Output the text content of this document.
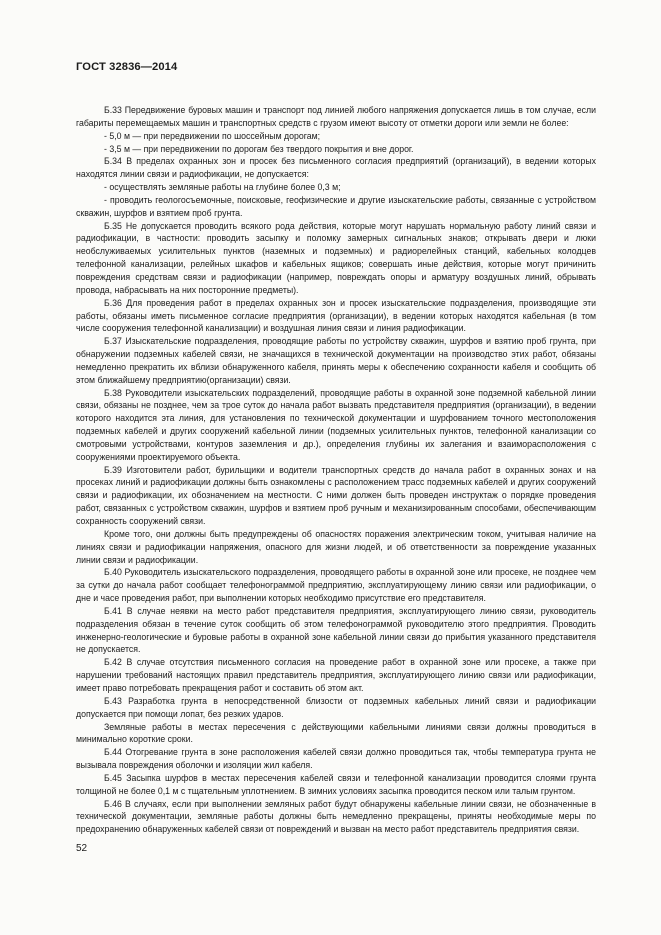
ГОСТ 32836—2014

Б.33 Передвижение буровых машин и транспорт под линией любого напряжения допускается лишь в том случае, если габариты перемещаемых машин и транспортных средств с грузом имеют высоту от отметки дороги или земли не более:

- 5,0 м — при передвижении по шоссейным дорогам;

- 3,5 м — при передвижении по дорогам без твердого покрытия и вне дорог.

Б.34 В пределах охранных зон и просек без письменного согласия предприятий (организаций), в ведении которых находятся линии связи и радиофикации, не допускается:

- осуществлять земляные работы на глубине более 0,3 м;

- проводить геологосъемочные, поисковые, геофизические и другие изыскательские работы, связанные с устройством скважин, шурфов и взятием проб грунта.

Б.35 Не допускается проводить всякого рода действия, которые могут нарушать нормальную работу линий связи и радиофикации, в частности: проводить засыпку и поломку замерных сигнальных знаков; открывать двери и люки необслуживаемых усилительных пунктов (наземных и подземных) и радиорелейных станций, кабельных колодцев телефонной канализации, релейных шкафов и кабельных ящиков; совершать иные действия, которые могут причинить повреждения средствам связи и радиофикации (например, повреждать опоры и арматуру воздушных линий, обрывать провода, набрасывать на них посторонние предметы).

Б.36 Для проведения работ в пределах охранных зон и просек изыскательские подразделения, производящие эти работы, обязаны иметь письменное согласие предприятия (организации), в ведении которых находятся кабельная (в том числе сооружения телефонной канализации) и воздушная линия связи и линия радиофикации.

Б.37 Изыскательские подразделения, проводящие работы по устройству скважин, шурфов и взятию проб грунта, при обнаружении подземных кабелей связи, не значащихся в технической документации на производство этих работ, обязаны немедленно прекратить их вблизи обнаруженного кабеля, принять меры к обеспечению сохранности кабеля и сообщить об этом ближайшему предприятию(организации) связи.

Б.38 Руководители изыскательских подразделений, проводящие работы в охранной зоне подземной кабельной линии связи, обязаны не позднее, чем за трое суток до начала работ вызвать представителя предприятия (организации), в ведении которого находится эта линия, для установления по технической документации и шурфованием точного местоположения подземных кабелей и других сооружений кабельной линии (подземных усилительных пунктов, телефонной канализации со смотровыми устройствами, контуров заземления и др.), определения глубины их залегания и взаиморасположения с сооружениями проектируемого объекта.

Б.39 Изготовители работ, бурильщики и водители транспортных средств до начала работ в охранных зонах и на просеках линий и радиофикации должны быть ознакомлены с расположением трасс подземных кабелей и других сооружений связи и радиофикации, их обозначением на местности. С ними должен быть проведен инструктаж о порядке проведения работ, связанных с устройством скважин, шурфов и взятием проб ручным и механизированным способами, обеспечивающим сохранность сооружений связи.

Кроме того, они должны быть предупреждены об опасностях поражения электрическим током, учитывая наличие на линиях связи и радиофикации напряжения, опасного для жизни людей, и об ответственности за повреждение указанных линии связи и радиофикации.

Б.40 Руководитель изыскательского подразделения, проводящего работы в охранной зоне или просеке, не позднее чем за сутки до начала работ сообщает телефонограммой предприятию, эксплуатирующему линию связи или радиофикации, о дне и часе проведения работ, при выполнении которых необходимо присутствие его представителя.

Б.41 В случае неявки на место работ представителя предприятия, эксплуатирующего линию связи, руководитель подразделения обязан в течение суток сообщить об этом телефонограммой руководителю этого предприятия. Проводить инженерно-геологические и буровые работы в охранной зоне кабельной линии связи до прибытия указанного представителя не допускается.

Б.42 В случае отсутствия письменного согласия на проведение работ в охранной зоне или просеке, а также при нарушении требований настоящих правил представитель предприятия, эксплуатирующего линию связи или радиофикации, имеет право потребовать прекращения работ и составить об этом акт.

Б.43 Разработка грунта в непосредственной близости от подземных кабельных линий связи и радиофикации допускается при помощи лопат, без резких ударов.

Земляные работы в местах пересечения с действующими кабельными линиями связи должны проводиться в минимально короткие сроки.

Б.44 Отогревание грунта в зоне расположения кабелей связи должно проводиться так, чтобы температура грунта не вызывала повреждения оболочки и изоляции жил кабеля.

Б.45 Засыпка шурфов в местах пересечения кабелей связи и телефонной канализации проводится слоями грунта толщиной не более 0,1 м с тщательным уплотнением. В зимних условиях засыпка проводится песком или талым грунтом.

Б.46 В случаях, если при выполнении земляных работ будут обнаружены кабельные линии связи, не обозначенные в технической документации, земляные работы должны быть немедленно прекращены, приняты необходимые меры по предохранению обнаруженных кабелей связи от повреждений и вызван на место работ представитель предприятия связи.

52
